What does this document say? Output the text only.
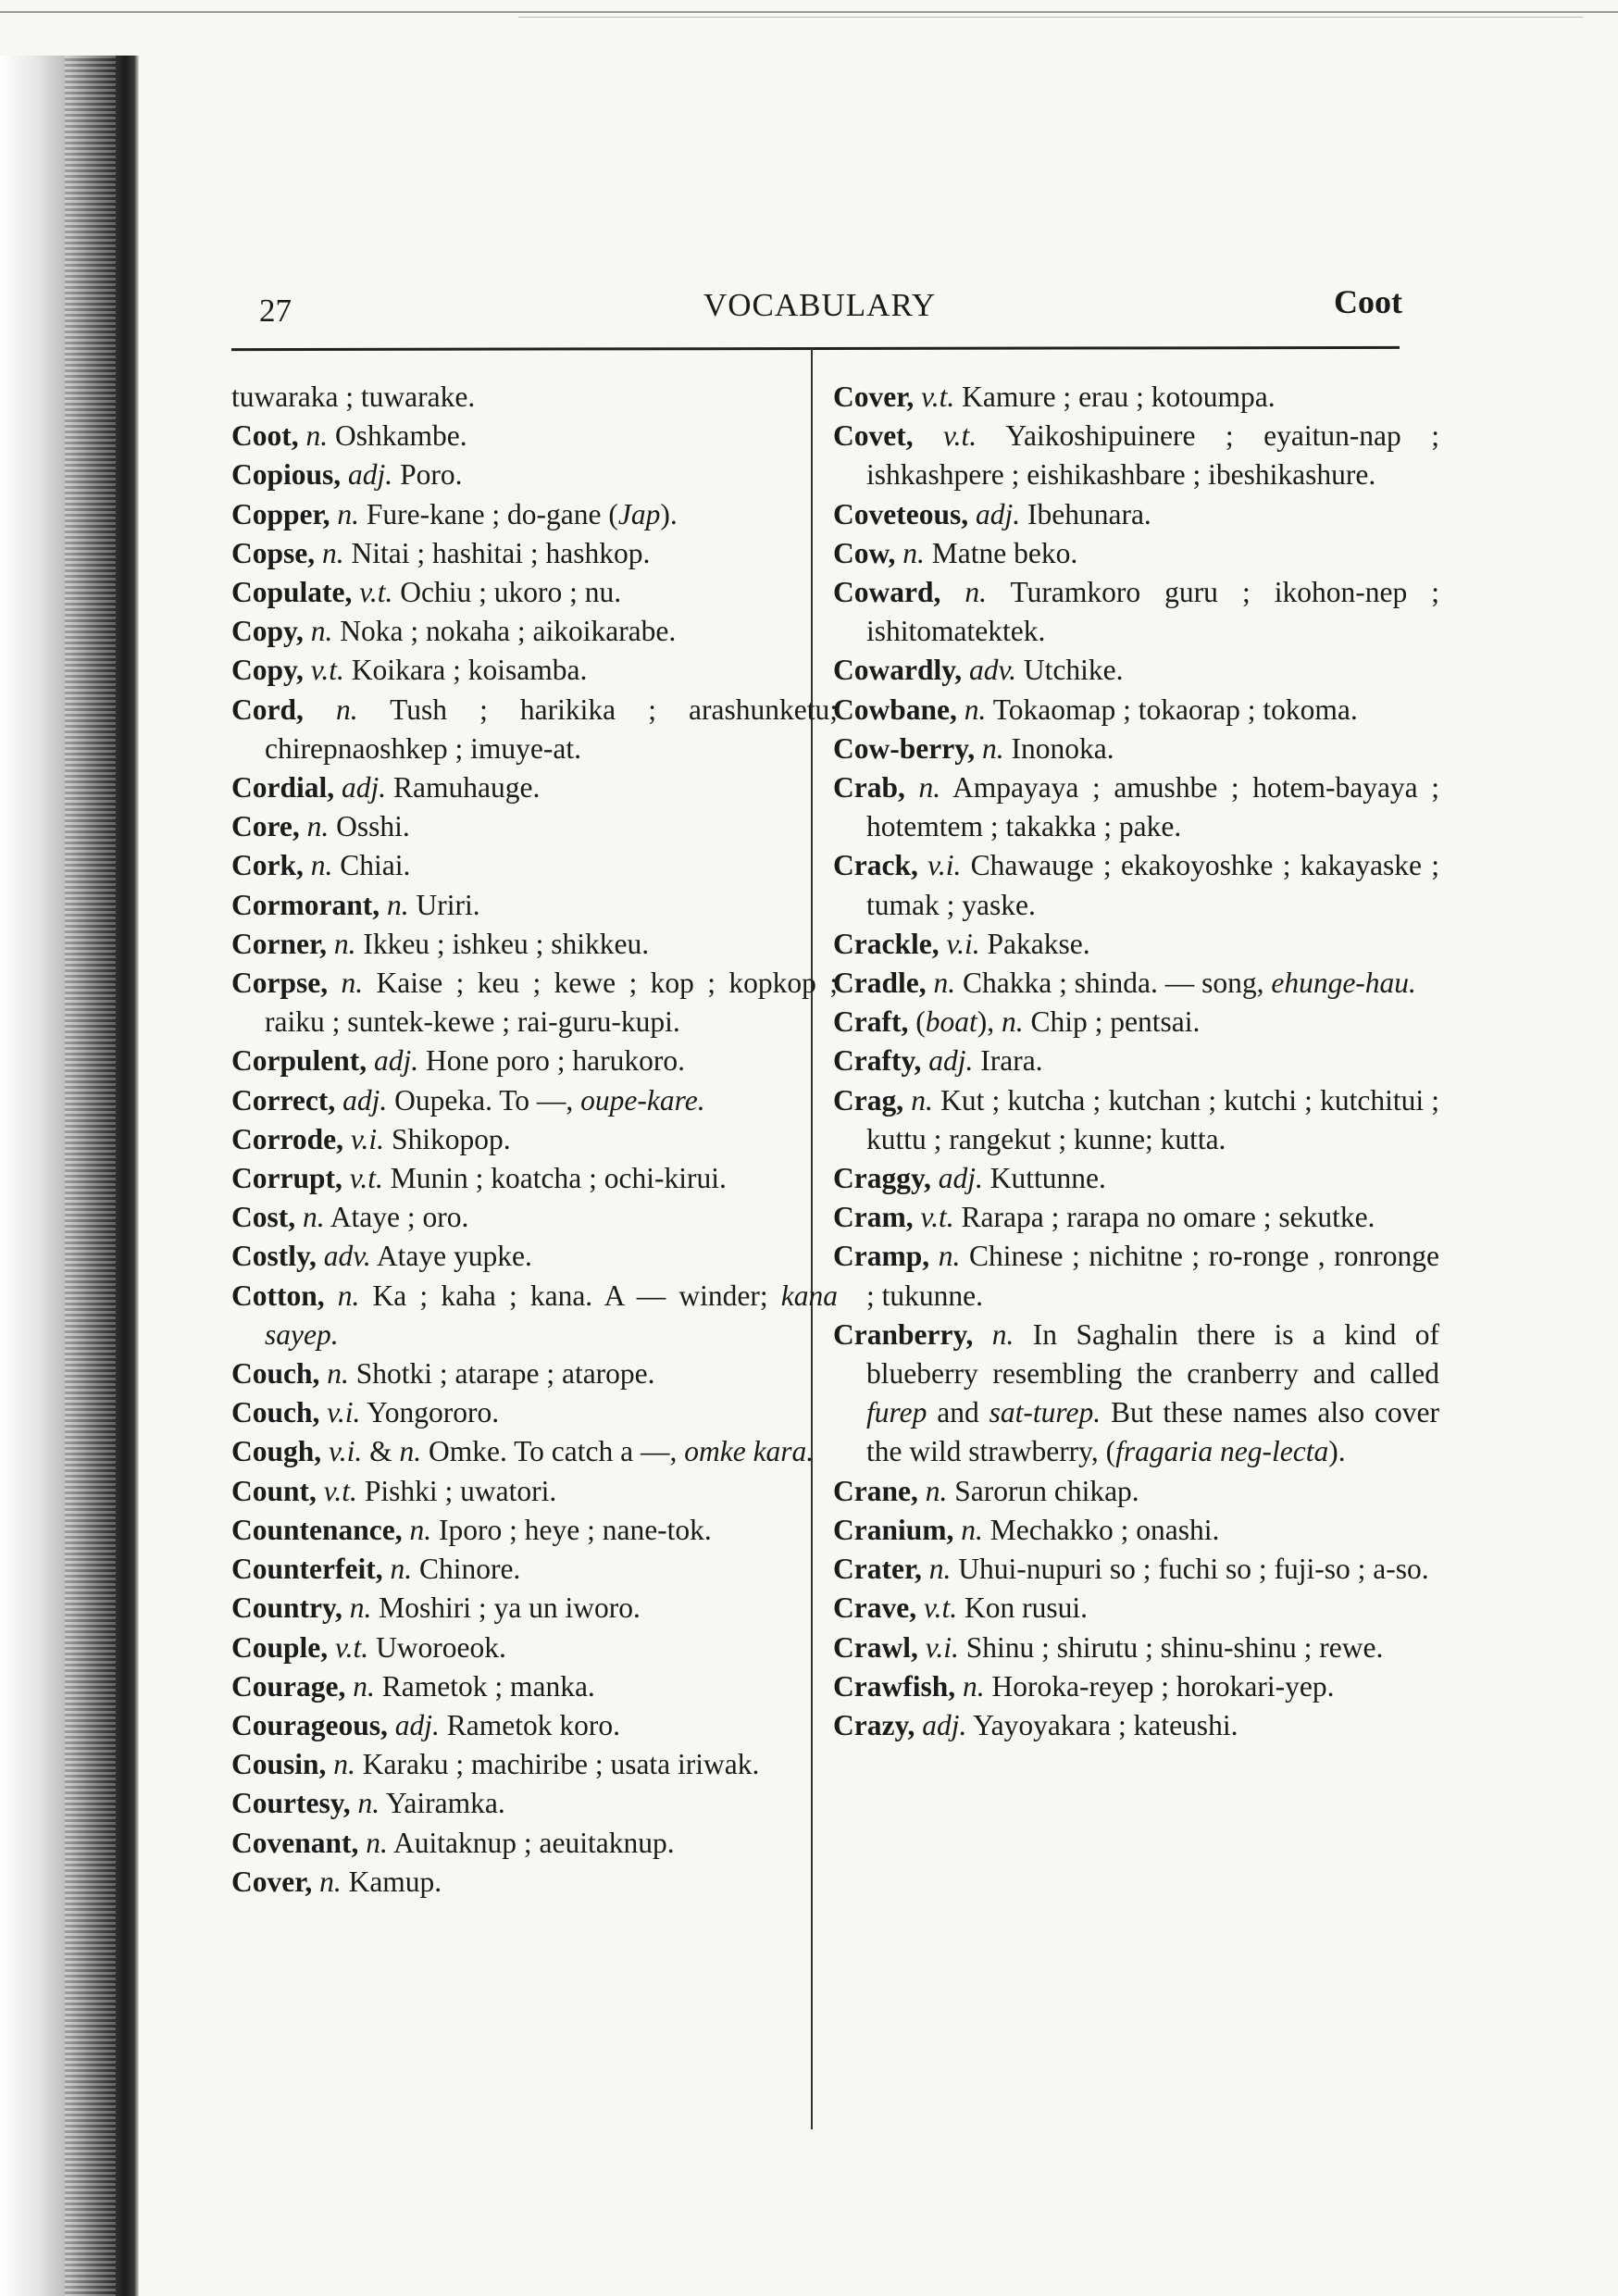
27	VOCABULARY	Coot
tuwaraka ; tuwarake.
Coot, n. Oshkambe.
Copious, adj. Poro.
Copper, n. Fure-kane ; do-gane (Jap).
Copse, n. Nitai ; hashitai ; hashkop.
Copulate, v.t. Ochiu ; ukoro ; nu.
Copy, n. Noka ; nokaha ; aikoikarabe.
Copy, v.t. Koikara ; koisamba.
Cord, n. Tush ; harikika ; arashunketu; chirepnaoshkep ; imuye-at.
Cordial, adj. Ramuhauge.
Core, n. Osshi.
Cork, n. Chiai.
Cormorant, n. Uriri.
Corner, n. Ikkeu ; ishkeu ; shikkeu.
Corpse, n. Kaise ; keu ; kewe ; kop ; kopkop ; raiku ; suntek-kewe ; rai-guru-kupi.
Corpulent, adj. Hone poro ; harukoro.
Correct, adj. Oupeka. To —, oupe-kare.
Corrode, v.i. Shikopop.
Corrupt, v.t. Munin ; koatcha ; ochi-kirui.
Cost, n. Ataye ; oro.
Costly, adv. Ataye yupke.
Cotton, n. Ka ; kaha ; kana. A — winder; kana sayep.
Couch, n. Shotki ; atarape ; atarope.
Couch, v.i. Yongororo.
Cough, v.i. & n. Omke. To catch a —, omke kara.
Count, v.t. Pishki ; uwatori.
Countenance, n. Iporo ; heye ; nane-tok.
Counterfeit, n. Chinore.
Country, n. Moshiri ; ya un iworo.
Couple, v.t. Uworoeok.
Courage, n. Rametok ; manka.
Courageous, adj. Rametok koro.
Cousin, n. Karaku ; machiribe ; usata iriwak.
Courtesy, n. Yairamka.
Covenant, n. Auitaknup ; aeuitaknup.
Cover, n. Kamup.
Cover, v.t. Kamure ; erau ; kotoumpa.
Covet, v.t. Yaikoshipuinere ; eyaitun-nap ; ishkashpere ; eishikashbare ; ibeshikashure.
Coveteous, adj. Ibehunara.
Cow, n. Matne beko.
Coward, n. Turamkoro guru ; ikohon-nep ; ishitomatektek.
Cowardly, adv. Utchike.
Cowbane, n. Tokaomap ; tokaorap ; tokoma.
Cow-berry, n. Inonoka.
Crab, n. Ampayaya ; amushbe ; hotem-bayaya ; hotemtem ; takakka ; pake.
Crack, v.i. Chawauge ; ekakoyoshke ; kakayaske ; tumak ; yaske.
Crackle, v.i. Pakakse.
Cradle, n. Chakka ; shinda. — song, ehunge-hau.
Craft, (boat), n. Chip ; pentsai.
Crafty, adj. Irara.
Crag, n. Kut ; kutcha ; kutchan ; kutchi ; kutchitui ; kuttu ; rangekut ; kunne; kutta.
Craggy, adj. Kuttunne.
Cram, v.t. Rarapa ; rarapa no omare ; sekutke.
Cramp, n. Chinese ; nichitne ; ro-ronge , ronronge ; tukunne.
Cranberry, n. In Saghalin there is a kind of blueberry resembling the cranberry and called furep and sat-turep. But these names also cover the wild strawberry, (fragaria neg-lecta).
Crane, n. Sarorun chikap.
Cranium, n. Mechakko ; onashi.
Crater, n. Uhui-nupuri so ; fuchi so ; fuji-so ; a-so.
Crave, v.t. Kon rusui.
Crawl, v.i. Shinu ; shirutu ; shinu-shinu ; rewe.
Crawfish, n. Horoka-reyep ; horokari-yep.
Crazy, adj. Yayoyakara ; kateushi.
